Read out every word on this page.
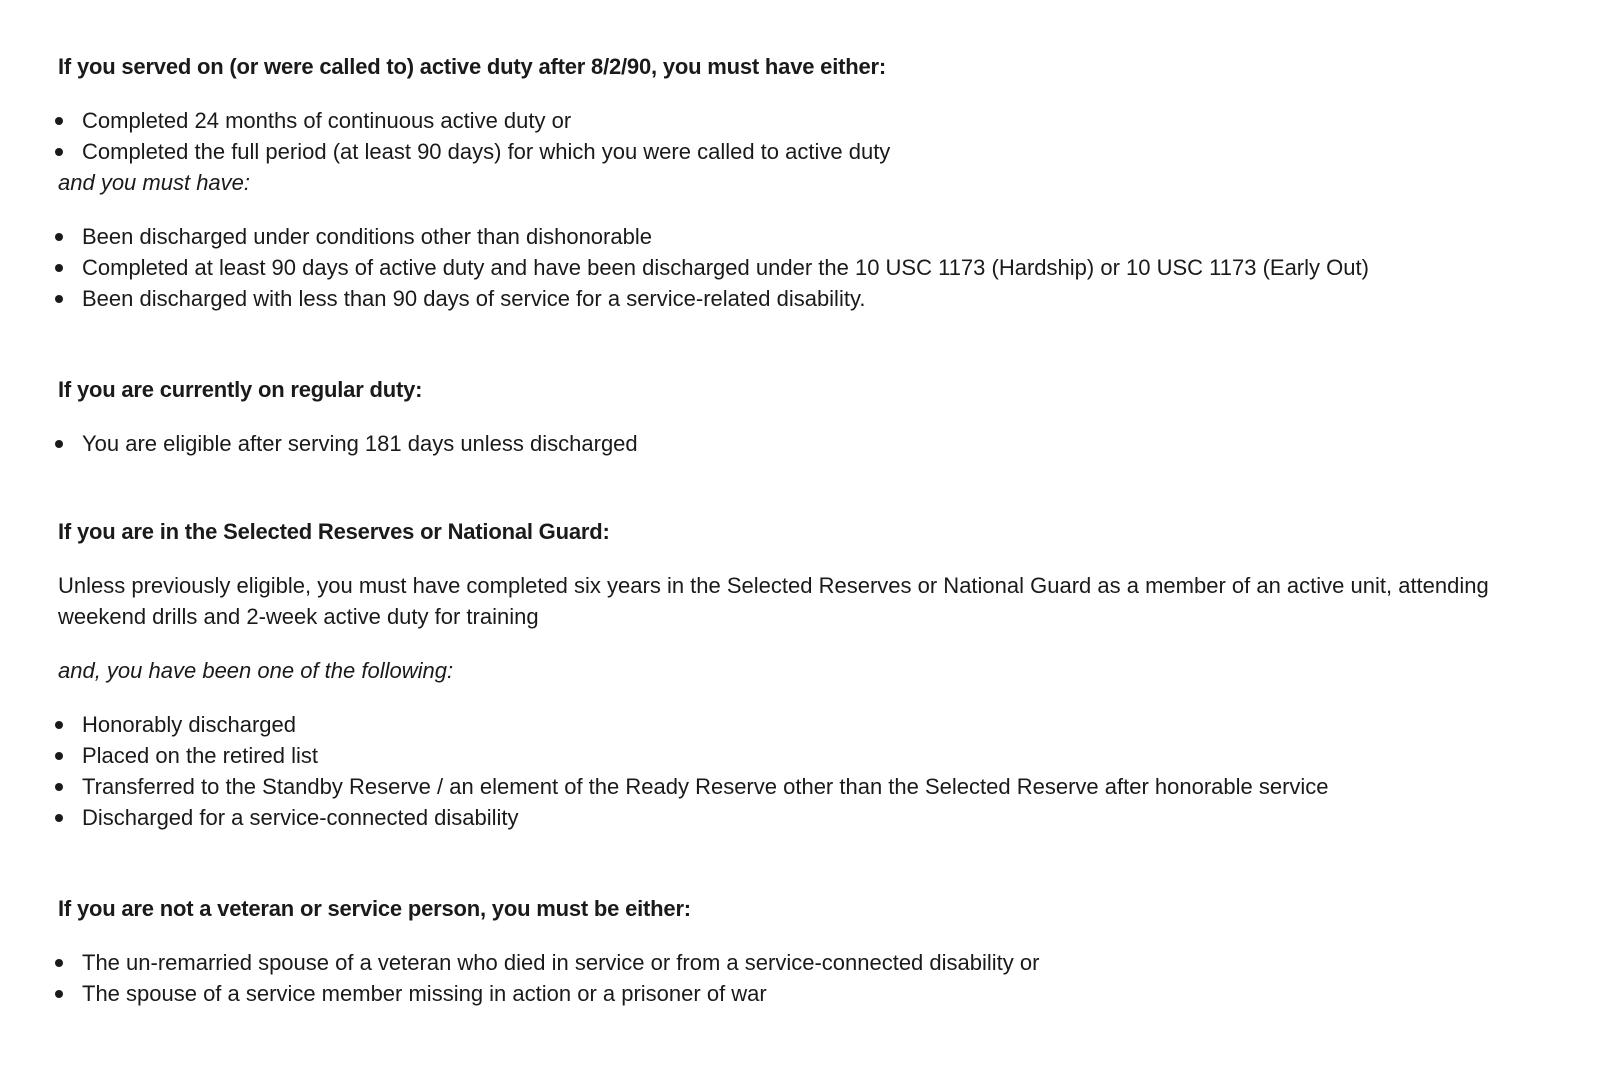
If you served on (or were called to) active duty after 8/2/90, you must have either:

Completed 24 months of continuous active duty or
Completed the full period (at least 90 days) for which you were called to active duty

and you must have:

Been discharged under conditions other than dishonorable
Completed at least 90 days of active duty and have been discharged under the 10 USC 1173 (Hardship) or 10 USC 1173 (Early Out)
Been discharged with less than 90 days of service for a service-related disability.

If you are currently on regular duty:

You are eligible after serving 181 days unless discharged

If you are in the Selected Reserves or National Guard:

Unless previously eligible, you must have completed six years in the Selected Reserves or National Guard as a member of an active unit, attending weekend drills and 2-week active duty for training

and, you have been one of the following:

Honorably discharged
Placed on the retired list
Transferred to the Standby Reserve / an element of the Ready Reserve other than the Selected Reserve after honorable service
Discharged for a service-connected disability

If you are not a veteran or service person, you must be either:

The un-remarried spouse of a veteran who died in service or from a service-connected disability or
The spouse of a service member missing in action or a prisoner of war
